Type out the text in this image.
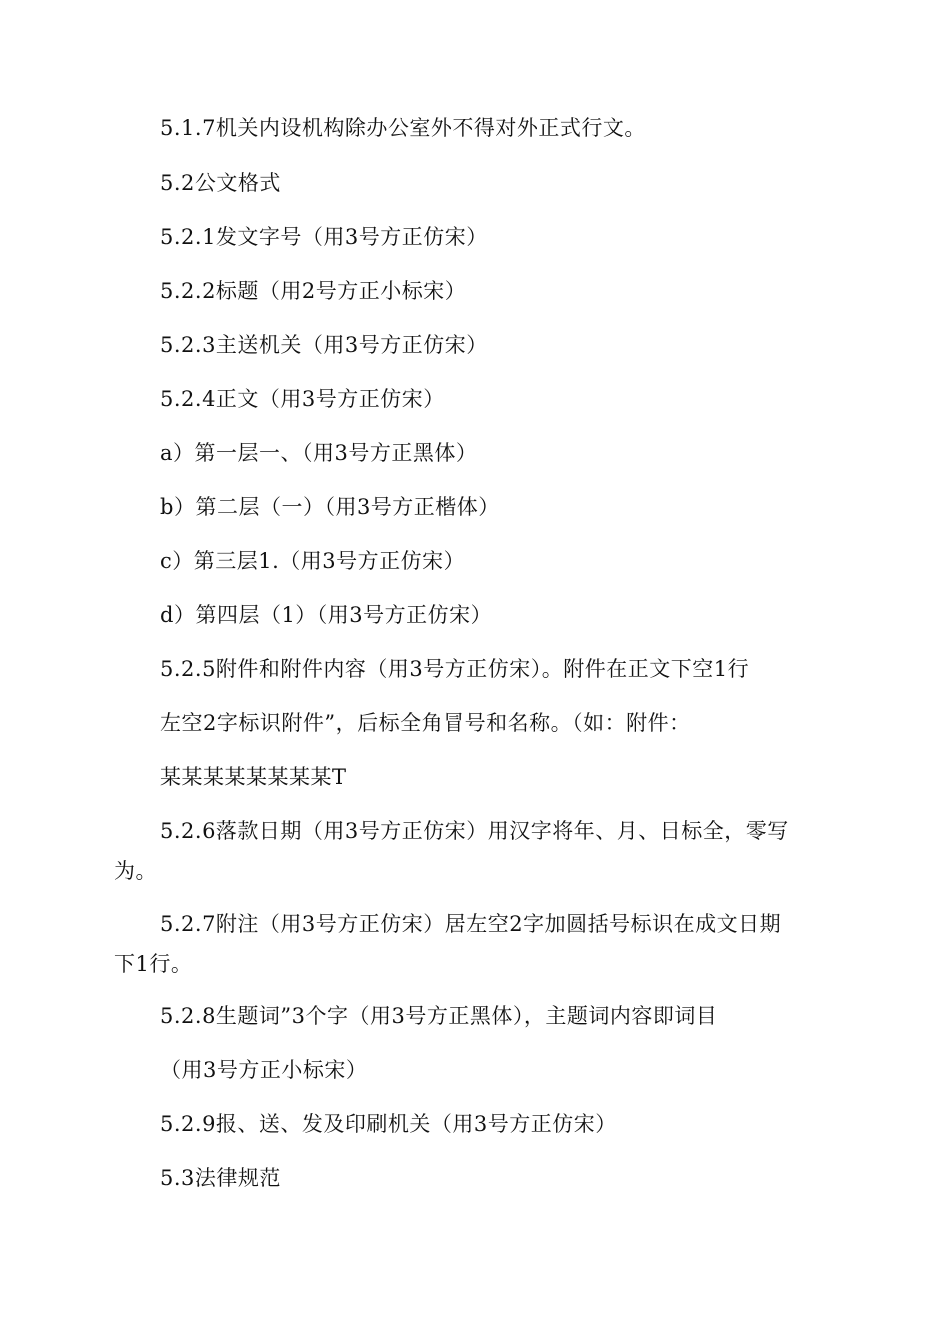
5.1.7机关内设机构除办公室外不得对外正式行文。
5.2公文格式
5.2.1发文字号（用3号方正仿宋）
5.2.2标题（用2号方正小标宋）
5.2.3主送机关（用3号方正仿宋）
5.2.4正文（用3号方正仿宋）
a）第一层一、（用3号方正黑体）
b）第二层（一）（用3号方正楷体）
c）第三层1.（用3号方正仿宋）
d）第四层（1）（用3号方正仿宋）
5.2.5附件和附件内容（用3号方正仿宋）。附件在正文下空1行
左空2字标识附件”，后标全角冒号和名称。（如：附件：
某某某某某某某某T
5.2.6落款日期（用3号方正仿宋）用汉字将年、月、日标全，零写
为。
5.2.7附注（用3号方正仿宋）居左空2字加圆括号标识在成文日期
下1行。
5.2.8生题词”3个字（用3号方正黑体），主题词内容即词目
（用3号方正小标宋）
5.2.9报、送、发及印刷机关（用3号方正仿宋）
5.3法律规范
